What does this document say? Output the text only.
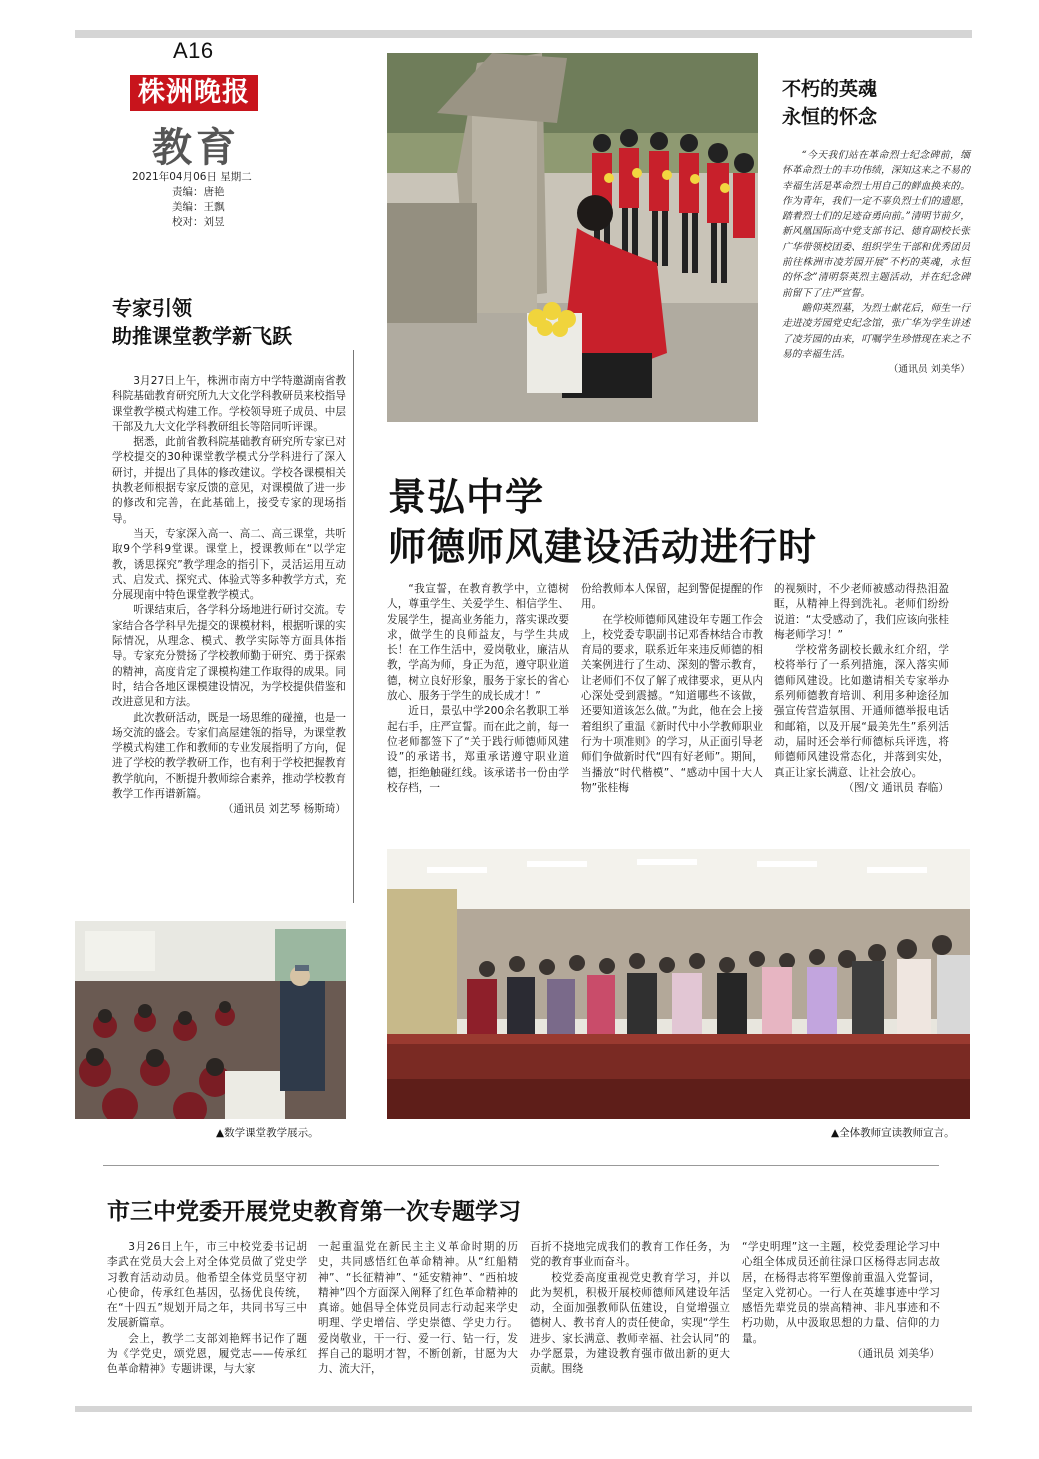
A16
株洲晚报
教育
2021年04月06日 星期二
责编：唐艳
美编：王飘
校对：刘昱
专家引领
助推课堂教学新飞跃

3月27日上午，株洲市南方中学特邀湖南省教科院基础教育研究所九大文化学科教研员来校指导课堂教学模式构建工作。学校领导班子成员、中层干部及九大文化学科教研组长等陪同听评课。

据悉，此前省教科院基础教育研究所专家已对学校提交的30种课堂教学模式分学科进行了深入研讨，并提出了具体的修改建议。学校各课模相关执教老师根据专家反馈的意见，对课模做了进一步的修改和完善，在此基础上，接受专家的现场指导。

当天，专家深入高一、高二、高三课堂，共听取9个学科9堂课。课堂上，授课教师在“以学定教，诱思探究”教学理念的指引下，灵活运用互动式、启发式、探究式、体验式等多种教学方式，充分展现南中特色课堂教学模式。

听课结束后，各学科分场地进行研讨交流。专家结合各学科早先提交的课模材料，根据听课的实际情况，从理念、模式、教学实际等方面具体指导。专家充分赞扬了学校教师勤于研究、勇于探索的精神，高度肯定了课模构建工作取得的成果。同时，结合各地区课模建设情况，为学校提供借鉴和改进意见和方法。

此次教研活动，既是一场思维的碰撞，也是一场交流的盛会。专家们高屋建瓴的指导，为课堂教学模式构建工作和教师的专业发展指明了方向，促进了学校的教学教研工作，也有利于学校把握教育教学航向，不断提升教师综合素养，推动学校教育教学工作再谱新篇。

（通讯员 刘艺琴 杨斯琦）
▲数学课堂教学展示。
不朽的英魂
永恒的怀念

“今天我们站在革命烈士纪念碑前，缅怀革命烈士的丰功伟绩，深知这来之不易的幸福生活是革命烈士用自己的鲜血换来的。作为青年，我们一定不辜负烈士们的遗愿，踏着烈士们的足迹奋勇向前。”清明节前夕，新风凰国际高中党支部书记、德育副校长张广华带领校团委、组织学生干部和优秀团员前往株洲市凌芳园开展“不朽的英魂，永恒的怀念”清明祭英烈主题活动，并在纪念碑前留下了庄严宣誓。

瞻仰英烈墓，为烈士献花后，师生一行走进凌芳园党史纪念馆，张广华为学生讲述了凌芳园的由来，叮嘱学生珍惜现在来之不易的幸福生活。

（通讯员 刘美华）
景弘中学
师德师风建设活动进行时

“我宣誓，在教育教学中，立德树人，尊重学生、关爱学生、相信学生、发展学生，提高业务能力，落实课改要求，做学生的良师益友，与学生共成长！在工作生活中，爱岗敬业，廉洁从教，学高为师，身正为范，遵守职业道德，树立良好形象，服务于家长的省心放心、服务于学生的成长成才！”

近日，景弘中学200余名教职工举起右手，庄严宣誓。而在此之前，每一位老师都签下了“关于践行师德师风建设”的承诺书，郑重承诺遵守职业道德，拒绝触碰红线。该承诺书一份由学校存档，一

份给教师本人保留，起到警促提醒的作用。

在学校师德师风建设年专题工作会上，校党委专职副书记邓香林结合市教育局的要求，联系近年来违反师德的相关案例进行了生动、深刻的警示教育，让老师们不仅了解了戒律要求，更从内心深处受到震撼。“知道哪些不该做，还要知道该怎么做。”为此，他在会上接着组织了重温《新时代中小学教师职业行为十项准则》的学习，从正面引导老师们争做新时代“四有好老师”。期间，当播放“时代楷模”、“感动中国十大人物”张桂梅

的视频时，不少老师被感动得热泪盈眶，从精神上得到洗礼。老师们纷纷说道：“太受感动了，我们应该向张桂梅老师学习！”

学校常务副校长戴永红介绍，学校将举行了一系列措施，深入落实师德师风建设。比如邀请相关专家举办系列师德教育培训、利用多种途径加强宣传营造氛围、开通师德举报电话和邮箱，以及开展“最美先生”系列活动，届时还会举行师德标兵评选，将师德师风建设常态化，并落到实处，真正让家长满意、让社会放心。

（图/文 通讯员 春临）
▲全体教师宣读教师宣言。
市三中党委开展党史教育第一次专题学习

3月26日上午，市三中校党委书记胡李武在党员大会上对全体党员做了党史学习教育活动动员。他希望全体党员坚守初心使命，传承红色基因，弘扬优良传统，在“十四五”规划开局之年，共同书写三中发展新篇章。

会上，教学二支部刘艳辉书记作了题为《学党史，颂党恩，履党志——传承红色革命精神》专题讲课，与大家

一起重温党在新民主主义革命时期的历史，共同感悟红色革命精神。从“红船精神”、“长征精神”、“延安精神”、“西柏坡精神”四个方面深入阐释了红色革命精神的真谛。她倡导全体党员同志行动起来学史明理、学史增信、学史崇德、学史力行。爱岗敬业，干一行、爱一行、钻一行，发挥自己的聪明才智，不断创新，甘愿为大力、流大汗，

百折不挠地完成我们的教育工作任务，为党的教育事业而奋斗。

校党委高度重视党史教育学习，并以此为契机，积极开展校师德师风建设年活动，全面加强教师队伍建设，自觉增强立德树人、教书育人的责任使命，实现“学生进步、家长满意、教师幸福、社会认同”的办学愿景，为建设教育强市做出新的更大贡献。围绕

“学史明理”这一主题，校党委理论学习中心组全体成员还前往渌口区杨得志同志故居，在杨得志将军塑像前重温入党誓词，坚定入党初心。一行人在英雄事迹中学习感悟先辈党员的崇高精神、非凡事迹和不朽功勋，从中汲取思想的力量、信仰的力量。

（通讯员 刘美华）
